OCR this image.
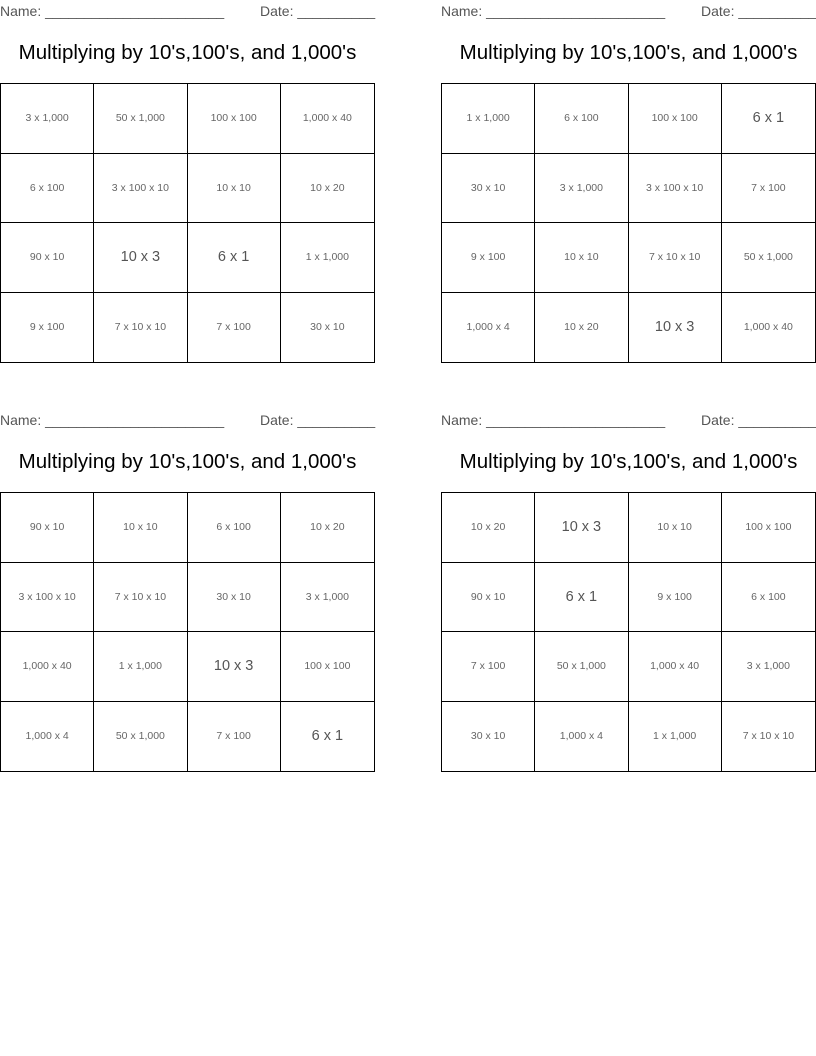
Name: _______________________	Date: __________
Multiplying by 10's,100's, and 1,000's
3 x 1,000	50 x 1,000	100 x 100	1,000 x 40
6 x 100	3 x 100 x 10	10 x 10	10 x 20
90 x 10	10 x 3	6 x 1	1 x 1,000
9 x 100	7 x 10 x 10	7 x 100	30 x 10
Name: _______________________	Date: __________
Multiplying by 10's,100's, and 1,000's
1 x 1,000	6 x 100	100 x 100	6 x 1
30 x 10	3 x 1,000	3 x 100 x 10	7 x 100
9 x 100	10 x 10	7 x 10 x 10	50 x 1,000
1,000 x 4	10 x 20	10 x 3	1,000 x 40
Name: _______________________	Date: __________
Multiplying by 10's,100's, and 1,000's
90 x 10	10 x 10	6 x 100	10 x 20
3 x 100 x 10	7 x 10 x 10	30 x 10	3 x 1,000
1,000 x 40	1 x 1,000	10 x 3	100 x 100
1,000 x 4	50 x 1,000	7 x 100	6 x 1
Name: _______________________	Date: __________
Multiplying by 10's,100's, and 1,000's
10 x 20	10 x 3	10 x 10	100 x 100
90 x 10	6 x 1	9 x 100	6 x 100
7 x 100	50 x 1,000	1,000 x 40	3 x 1,000
30 x 10	1,000 x 4	1 x 1,000	7 x 10 x 10
